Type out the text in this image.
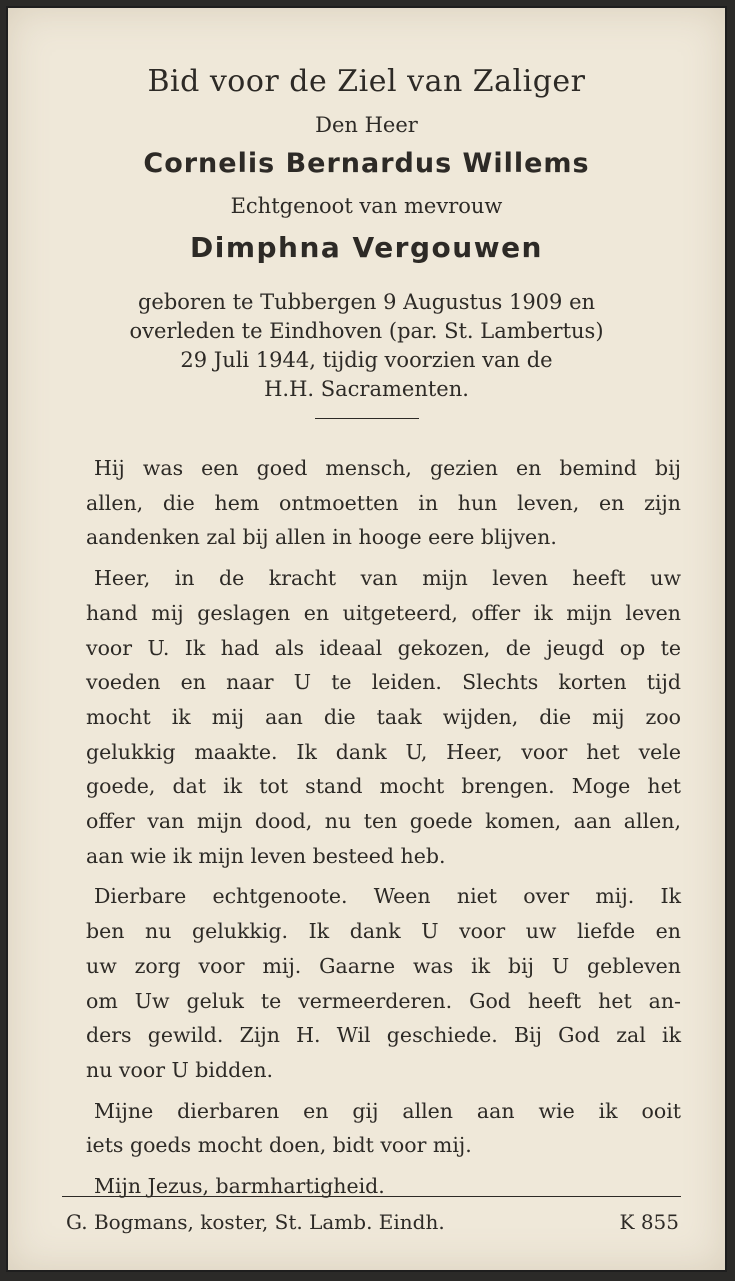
Bid voor de Ziel van Zaliger
Den Heer
Cornelis Bernardus Willems
Echtgenoot van mevrouw
Dimphna Vergouwen
geboren te Tubbergen 9 Augustus 1909 en
overleden te Eindhoven (par. St. Lambertus)
29 Juli 1944, tijdig voorzien van de
H.H. Sacramenten.
Hij was een goed mensch, gezien en bemind bij
allen, die hem ontmoetten in hun leven, en zijn
aandenken zal bij allen in hooge eere blijven.
Heer, in de kracht van mijn leven heeft uw
hand mij geslagen en uitgeteerd, offer ik mijn leven
voor U. Ik had als ideaal gekozen, de jeugd op te
voeden en naar U te leiden. Slechts korten tijd
mocht ik mij aan die taak wijden, die mij zoo
gelukkig maakte. Ik dank U, Heer, voor het vele
goede, dat ik tot stand mocht brengen. Moge het
offer van mijn dood, nu ten goede komen, aan allen,
aan wie ik mijn leven besteed heb.
Dierbare echtgenoote. Ween niet over mij. Ik
ben nu gelukkig. Ik dank U voor uw liefde en
uw zorg voor mij. Gaarne was ik bij U gebleven
om Uw geluk te vermeerderen. God heeft het an-
ders gewild. Zijn H. Wil geschiede. Bij God zal ik
nu voor U bidden.
Mijne dierbaren en gij allen aan wie ik ooit
iets goeds mocht doen, bidt voor mij.
Mijn Jezus, barmhartigheid.
G. Bogmans, koster, St. Lamb. Eindh.	K 855
